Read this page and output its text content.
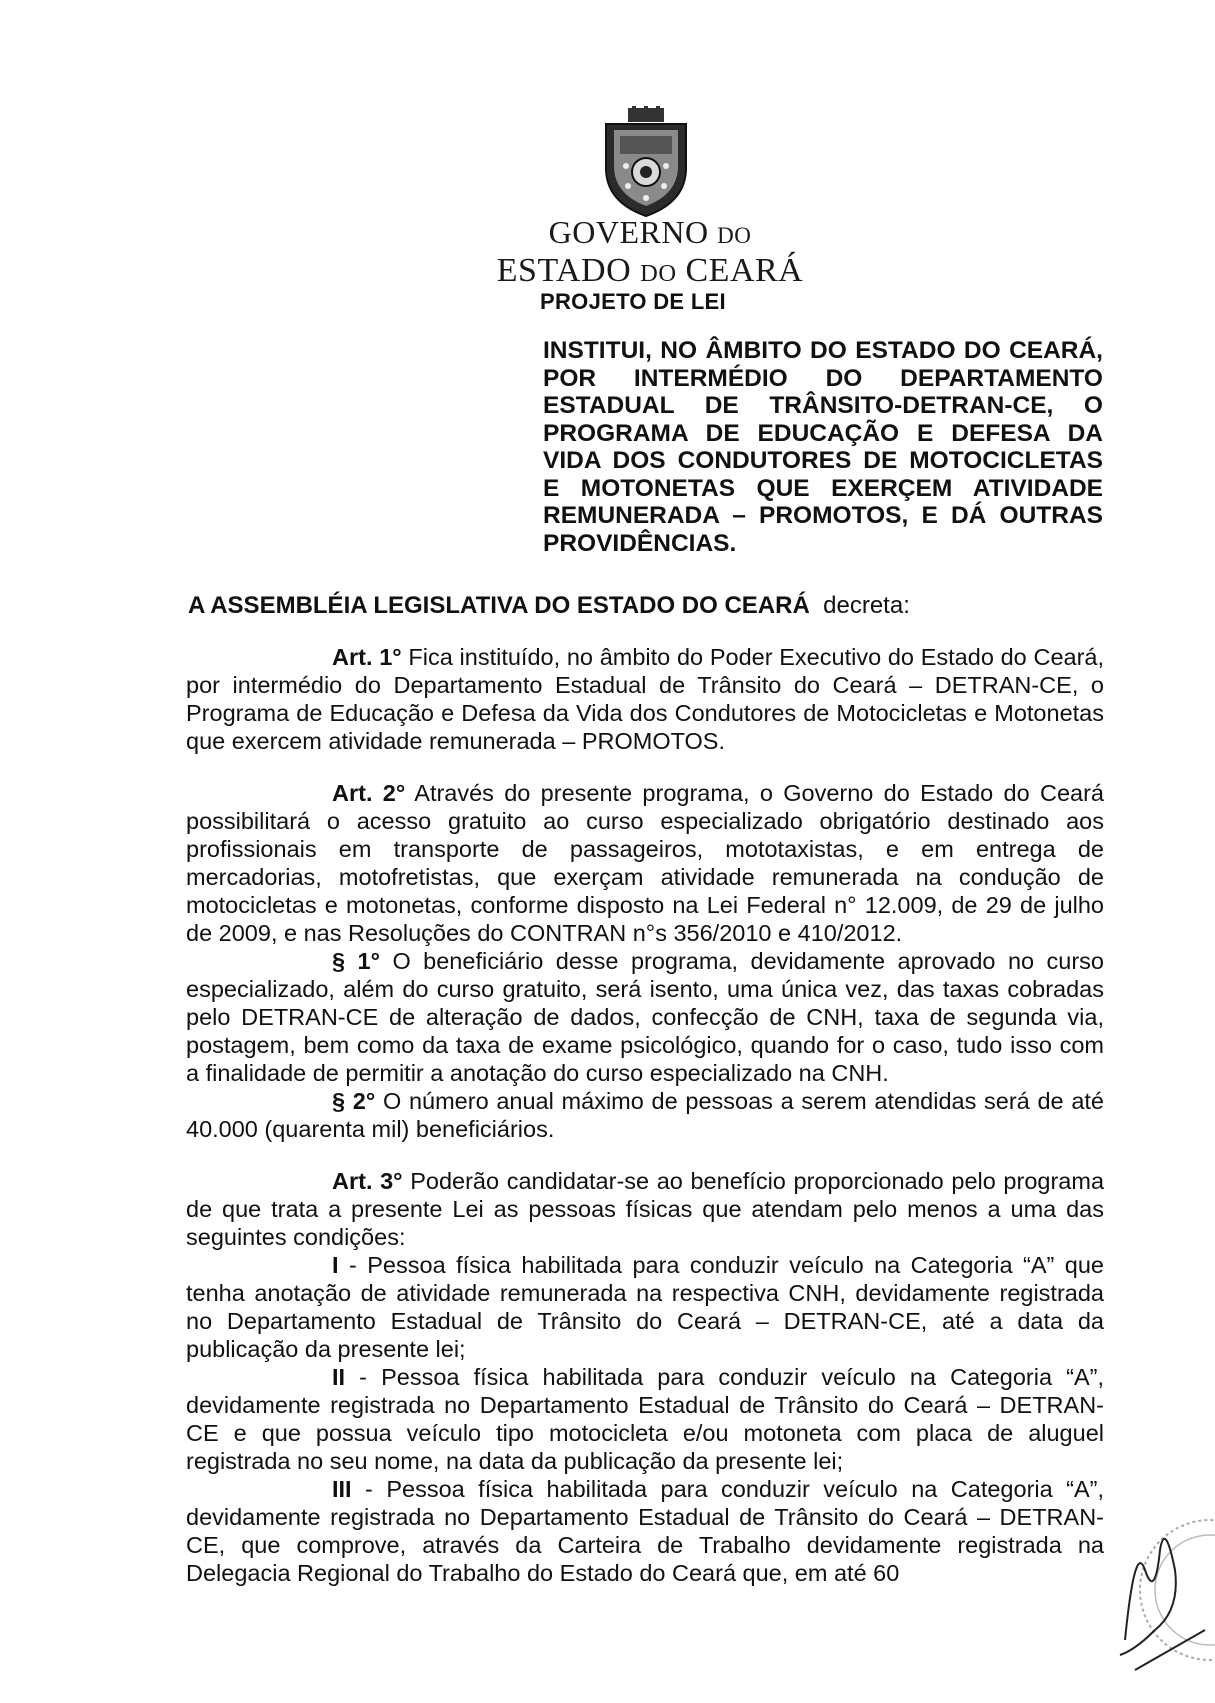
GOVERNO DO
ESTADO DO CEARÁ
PROJETO DE LEI

INSTITUI, NO ÂMBITO DO ESTADO DO CEARÁ, POR INTERMÉDIO DO DEPARTAMENTO ESTADUAL DE TRÂNSITO-DETRAN-CE, O PROGRAMA DE EDUCAÇÃO E DEFESA DA VIDA DOS CONDUTORES DE MOTOCICLETAS E MOTONETAS QUE EXERÇEM ATIVIDADE REMUNERADA – PROMOTOS, E DÁ OUTRAS PROVIDÊNCIAS.

A ASSEMBLÉIA LEGISLATIVA DO ESTADO DO CEARÁ decreta:

Art. 1° Fica instituído, no âmbito do Poder Executivo do Estado do Ceará, por intermédio do Departamento Estadual de Trânsito do Ceará – DETRAN-CE, o Programa de Educação e Defesa da Vida dos Condutores de Motocicletas e Motonetas que exercem atividade remunerada – PROMOTOS.

Art. 2° Através do presente programa, o Governo do Estado do Ceará possibilitará o acesso gratuito ao curso especializado obrigatório destinado aos profissionais em transporte de passageiros, mototaxistas, e em entrega de mercadorias, motofretistas, que exerçam atividade remunerada na condução de motocicletas e motonetas, conforme disposto na Lei Federal n° 12.009, de 29 de julho de 2009, e nas Resoluções do CONTRAN n°s 356/2010 e 410/2012.

§ 1° O beneficiário desse programa, devidamente aprovado no curso especializado, além do curso gratuito, será isento, uma única vez, das taxas cobradas pelo DETRAN-CE de alteração de dados, confecção de CNH, taxa de segunda via, postagem, bem como da taxa de exame psicológico, quando for o caso, tudo isso com a finalidade de permitir a anotação do curso especializado na CNH.

§ 2° O número anual máximo de pessoas a serem atendidas será de até 40.000 (quarenta mil) beneficiários.

Art. 3° Poderão candidatar-se ao benefício proporcionado pelo programa de que trata a presente Lei as pessoas físicas que atendam pelo menos a uma das seguintes condições:

I - Pessoa física habilitada para conduzir veículo na Categoria “A” que tenha anotação de atividade remunerada na respectiva CNH, devidamente registrada no Departamento Estadual de Trânsito do Ceará – DETRAN-CE, até a data da publicação da presente lei;

II - Pessoa física habilitada para conduzir veículo na Categoria “A”, devidamente registrada no Departamento Estadual de Trânsito do Ceará – DETRAN-CE e que possua veículo tipo motocicleta e/ou motoneta com placa de aluguel registrada no seu nome, na data da publicação da presente lei;

III - Pessoa física habilitada para conduzir veículo na Categoria “A”, devidamente registrada no Departamento Estadual de Trânsito do Ceará – DETRAN-CE, que comprove, através da Carteira de Trabalho devidamente registrada na Delegacia Regional do Trabalho do Estado do Ceará que, em até 60
